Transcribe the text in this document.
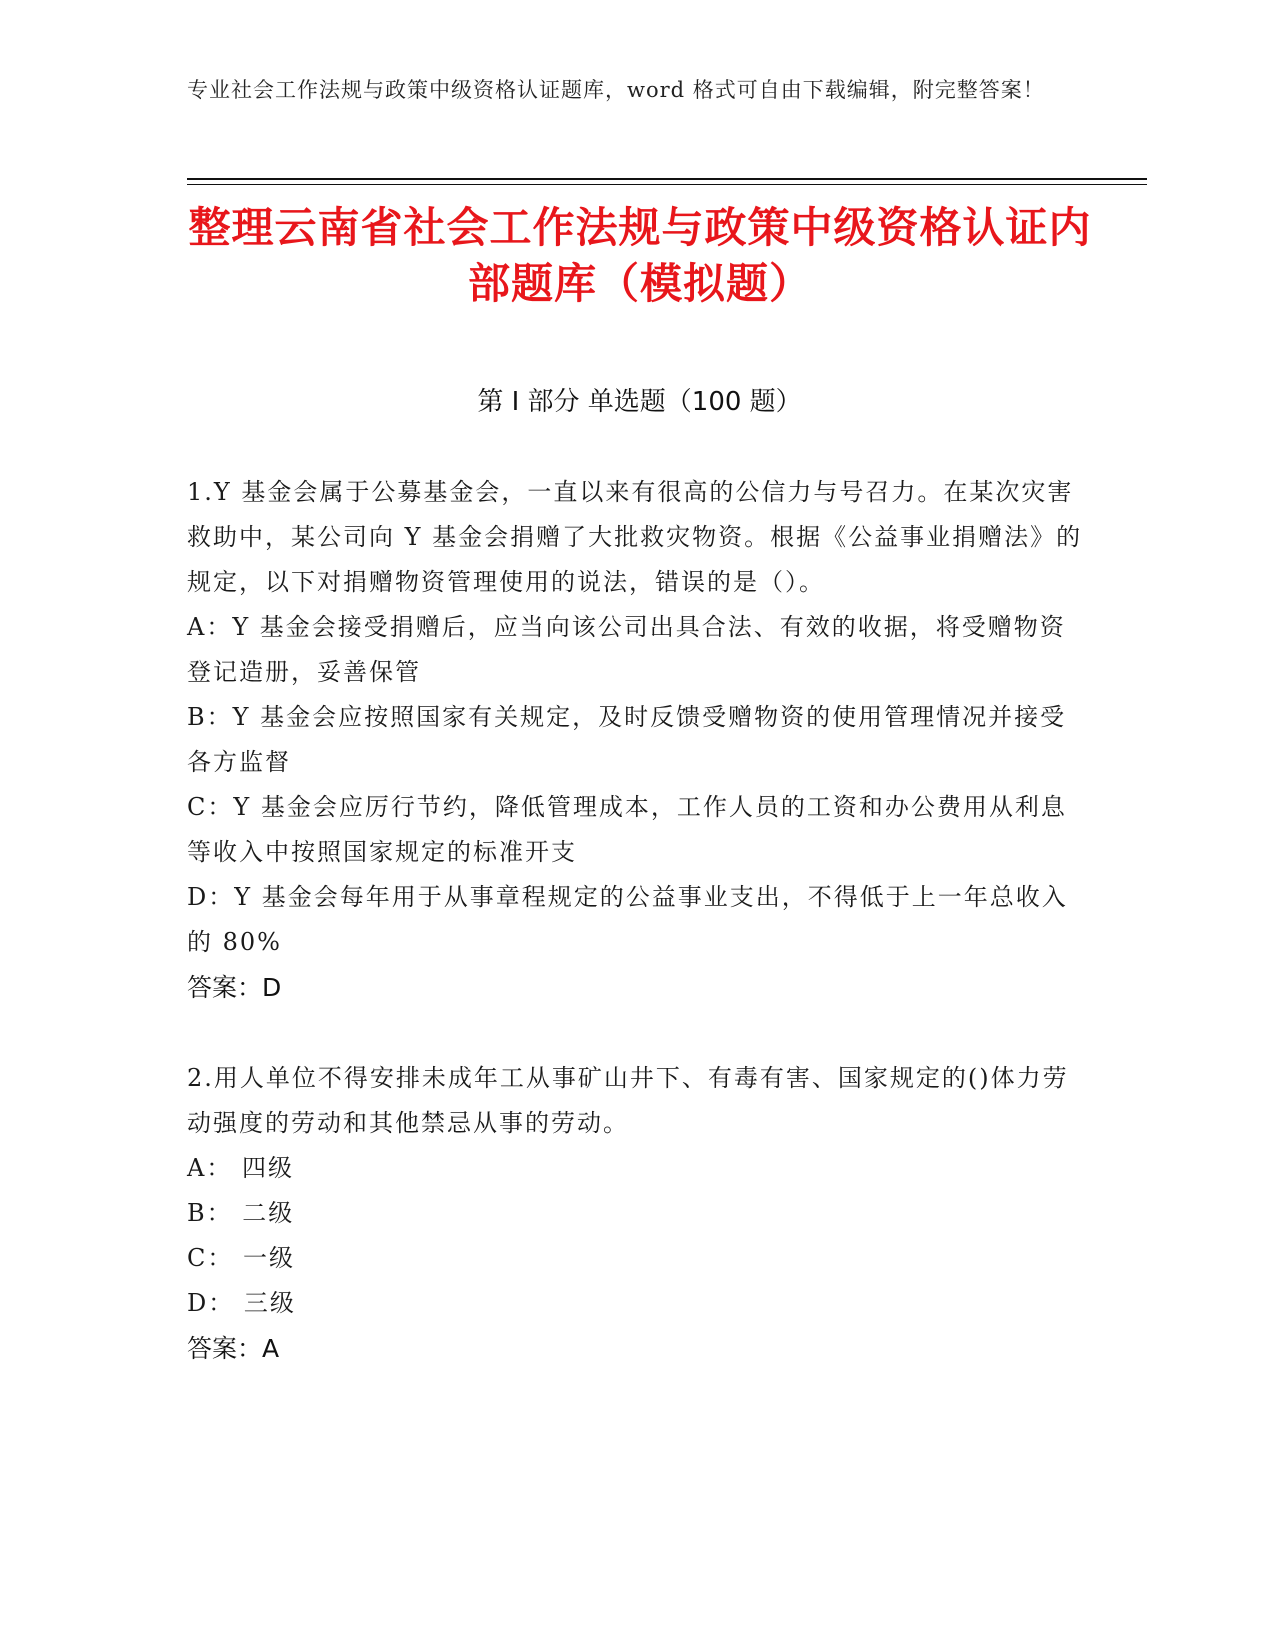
专业社会工作法规与政策中级资格认证题库，word 格式可自由下载编辑，附完整答案！
整理云南省社会工作法规与政策中级资格认证内部题库（模拟题）
第 I 部分 单选题（100 题）
1.Y 基金会属于公募基金会，一直以来有很高的公信力与号召力。在某次灾害救助中，某公司向 Y 基金会捐赠了大批救灾物资。根据《公益事业捐赠法》的规定，以下对捐赠物资管理使用的说法，错误的是（）。
A：Y 基金会接受捐赠后，应当向该公司出具合法、有效的收据，将受赠物资登记造册，妥善保管
B：Y 基金会应按照国家有关规定，及时反馈受赠物资的使用管理情况并接受各方监督
C：Y 基金会应厉行节约，降低管理成本，工作人员的工资和办公费用从利息等收入中按照国家规定的标准开支
D：Y 基金会每年用于从事章程规定的公益事业支出，不得低于上一年总收入的 80%
答案：D
2.用人单位不得安排未成年工从事矿山井下、有毒有害、国家规定的()体力劳动强度的劳动和其他禁忌从事的劳动。
A： 四级
B： 二级
C： 一级
D： 三级
答案：A
